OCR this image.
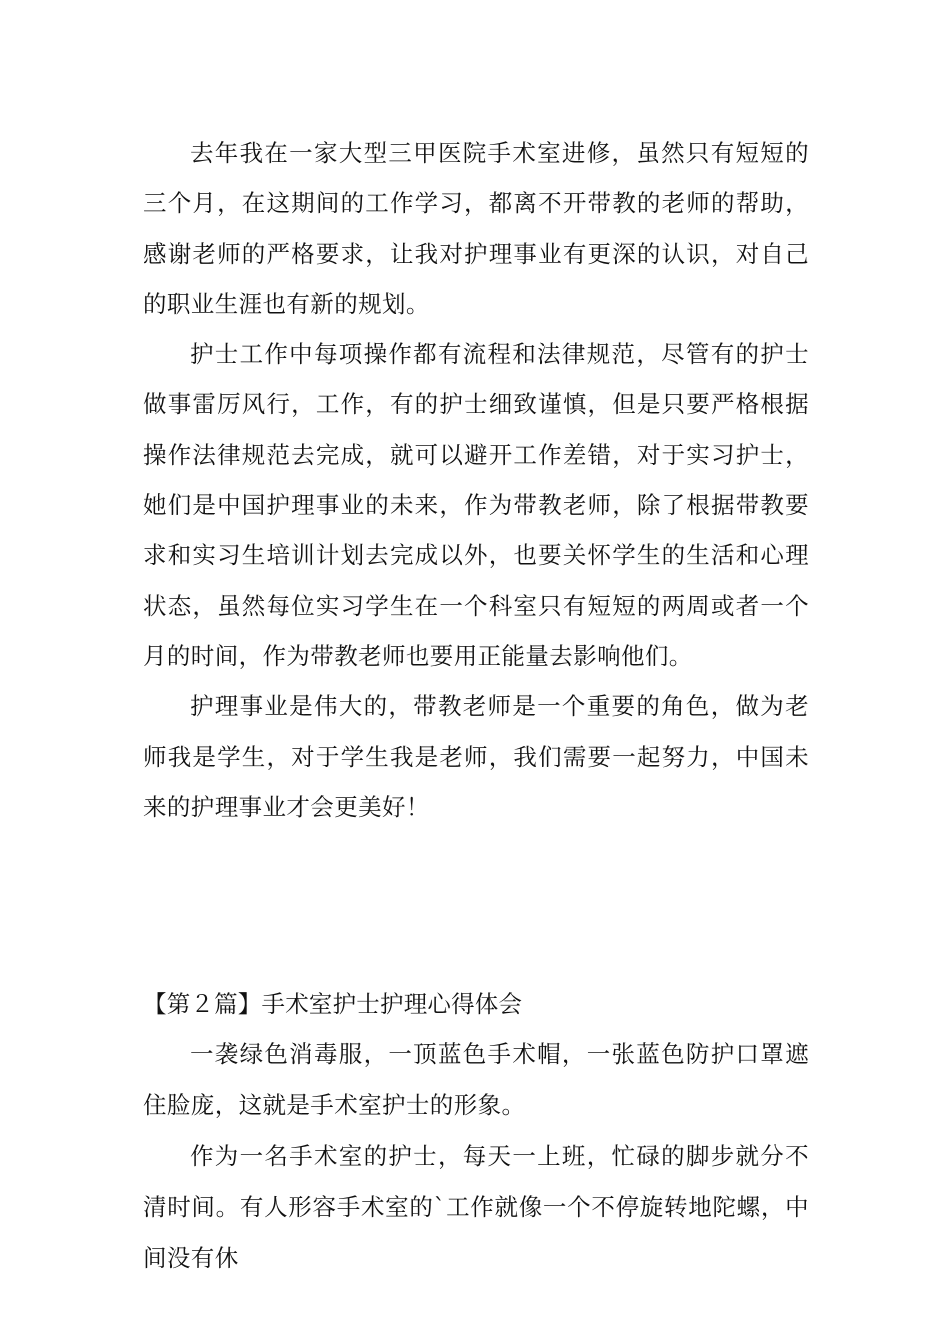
去年我在一家大型三甲医院手术室进修，虽然只有短短的三个月，在这期间的工作学习，都离不开带教的老师的帮助，感谢老师的严格要求，让我对护理事业有更深的认识，对自己的职业生涯也有新的规划。

护士工作中每项操作都有流程和法律规范，尽管有的护士做事雷厉风行，工作，有的护士细致谨慎，但是只要严格根据操作法律规范去完成，就可以避开工作差错，对于实习护士，她们是中国护理事业的未来，作为带教老师，除了根据带教要求和实习生培训计划去完成以外，也要关怀学生的生活和心理状态，虽然每位实习学生在一个科室只有短短的两周或者一个月的时间，作为带教老师也要用正能量去影响他们。

护理事业是伟大的，带教老师是一个重要的角色，做为老师我是学生，对于学生我是老师，我们需要一起努力，中国未来的护理事业才会更美好！

【第２篇】手术室护士护理心得体会

一袭绿色消毒服，一顶蓝色手术帽，一张蓝色防护口罩遮住脸庞，这就是手术室护士的形象。

作为一名手术室的护士，每天一上班，忙碌的脚步就分不清时间。有人形容手术室的`工作就像一个不停旋转地陀螺，中间没有休
